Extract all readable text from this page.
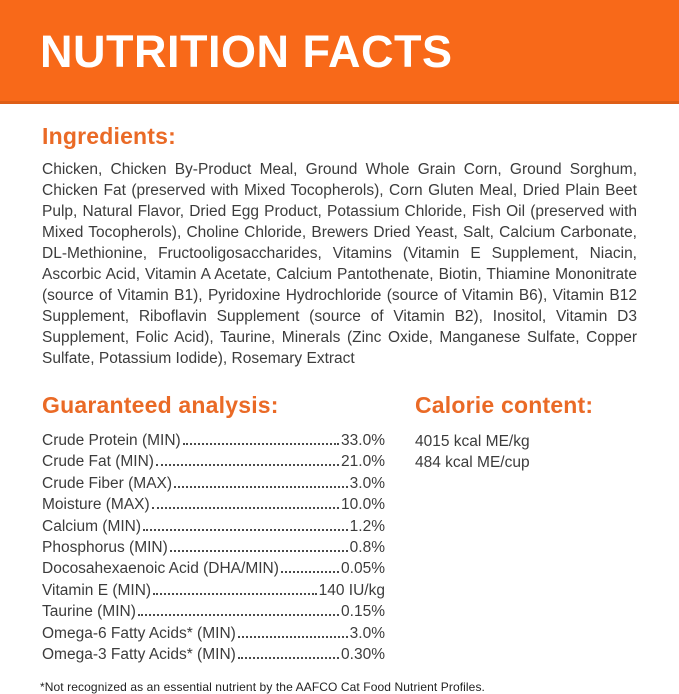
NUTRITION FACTS
Ingredients:

Chicken, Chicken By-Product Meal, Ground Whole Grain Corn, Ground Sorghum, Chicken Fat (preserved with Mixed Tocopherols), Corn Gluten Meal, Dried Plain Beet Pulp, Natural Flavor, Dried Egg Product, Potassium Chloride, Fish Oil (preserved with Mixed Tocopherols), Choline Chloride, Brewers Dried Yeast, Salt, Calcium Carbonate, DL-Methionine, Fructooligosaccharides, Vitamins (Vitamin E Supplement, Niacin, Ascorbic Acid, Vitamin A Acetate, Calcium Pantothenate, Biotin, Thiamine Mononitrate (source of Vitamin B1), Pyridoxine Hydrochloride (source of Vitamin B6), Vitamin B12 Supplement, Riboflavin Supplement (source of Vitamin B2), Inositol, Vitamin D3 Supplement, Folic Acid), Taurine, Minerals (Zinc Oxide, Manganese Sulfate, Copper Sulfate, Potassium Iodide), Rosemary Extract

Guaranteed analysis:
Crude Protein (MIN)	33.0%
Crude Fat (MIN)	21.0%
Crude Fiber (MAX)	3.0%
Moisture (MAX)	10.0%
Calcium (MIN)	1.2%
Phosphorus (MIN)	0.8%
Docosahexaenoic Acid (DHA/MIN)	0.05%
Vitamin E (MIN)	140 IU/kg
Taurine (MIN)	0.15%
Omega-6 Fatty Acids* (MIN)	3.0%
Omega-3 Fatty Acids* (MIN)	0.30%
Calorie content:
4015 kcal ME/kg
484 kcal ME/cup

*Not recognized as an essential nutrient by the AAFCO Cat Food Nutrient Profiles.
